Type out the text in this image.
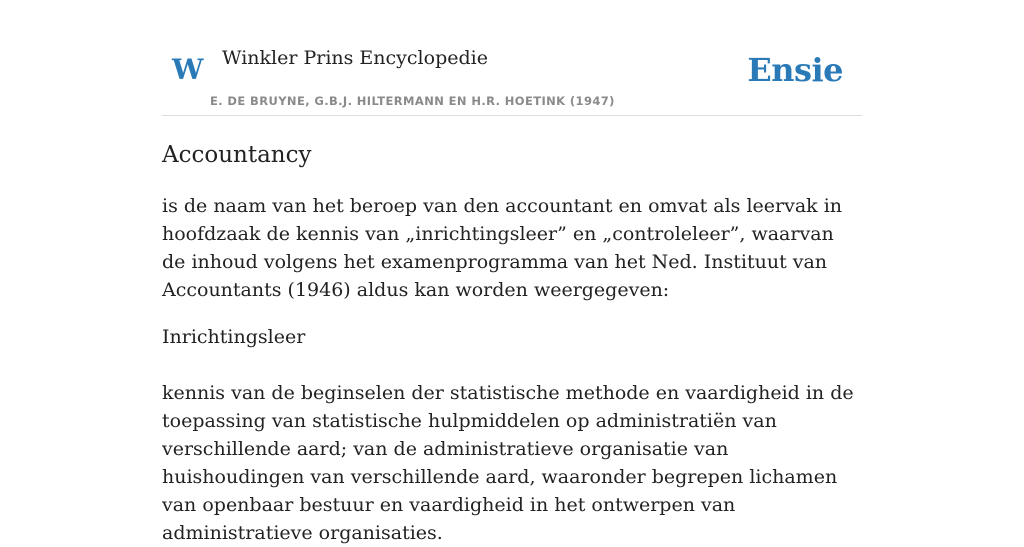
W Winkler Prins Encyclopedie
E. DE BRUYNE, G.B.J. HILTERMANN EN H.R. HOETINK (1947)
Ensie
Accountancy

is de naam van het beroep van den accountant en omvat als leervak in hoofdzaak de kennis van „inrichtingsleer” en „controleleer”, waarvan de inhoud volgens het examenprogramma van het Ned. Instituut van Accountants (1946) aldus kan worden weergegeven:

Inrichtingsleer

kennis van de beginselen der statistische methode en vaardigheid in de toepassing van statistische hulpmiddelen op administratiën van verschillende aard; van de administratieve organisatie van huishoudingen van verschillende aard, waaronder begrepen lichamen van openbaar bestuur en vaardigheid in het ontwerpen van administratieve organisaties.
